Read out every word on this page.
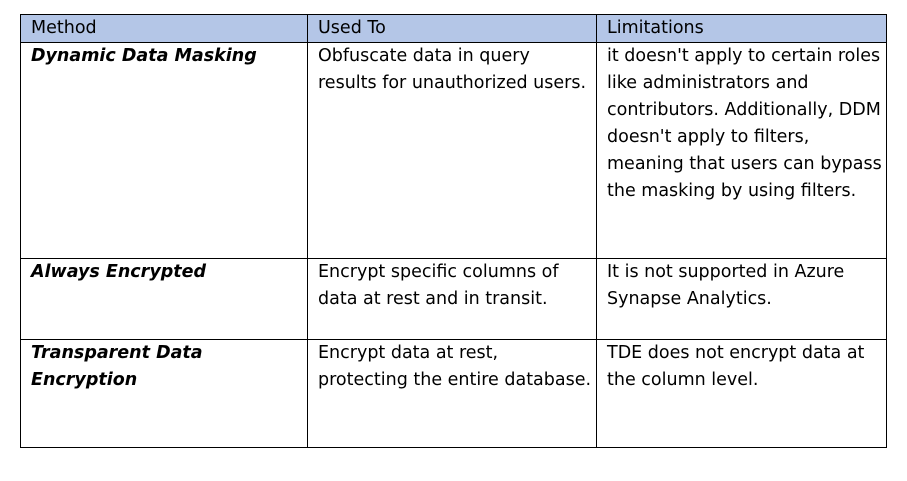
Method	Used To	Limitations
Dynamic Data Masking	Obfuscate data in query results for unauthorized users.	it doesn't apply to certain roles like administrators and contributors. Additionally, DDM doesn't apply to filters, meaning that users can bypass the masking by using filters.
Always Encrypted	Encrypt specific columns of data at rest and in transit.	It is not supported in Azure Synapse Analytics.
Transparent Data Encryption	Encrypt data at rest, protecting the entire database.	TDE does not encrypt data at the column level.
